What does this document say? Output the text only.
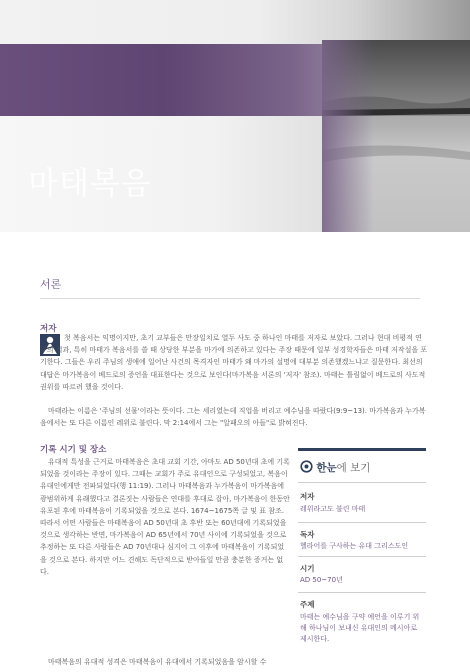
마태복음
서론
저자
첫 복음서는 익명이지만, 초기 교부들은 만장일치로 열두 사도 중 하나인 마태를 저자로 보았다. 그러나 현대 비평적 연구의 결과, 특히 마태가 복음서를 쓸 때 상당한 부분을 마가에 의존하고 있다는 주장 때문에 일부 성경학자들은 마태 저작설을 포기한다. 그들은 우리 주님의 생애에 일어난 사건의 목격자인 마태가 왜 마가의 설명에 대부분 의존했겠느냐고 질문한다. 최선의 대답은 마가복음이 베드로의 증언을 대표한다는 것으로 보인다(마가복음 서론의 '저자' 참조). 마태는 틀림없이 베드로의 사도적 권위를 따르려 했을 것이다.
마태라는 이름은 '주님의 선물'이라는 뜻이다. 그는 세리였는데 직업을 버리고 예수님을 따랐다(9:9~13). 마가복음과 누가복음에서는 또 다른 이름인 레위로 불린다. 막 2:14에서 그는 "알패오의 아들"로 밝혀진다.
기록 시기 및 장소
유대적 특성을 근거로 마태복음은 초대 교회 기간, 아마도 AD 50년대 초에 기록되었을 것이라는 주장이 있다. 그때는 교회가 주로 유대인으로 구성되었고, 복음이 유대인에게만 전파되었다(행 11:19). 그러나 마태복음과 누가복음이 마가복음에 광범위하게 유래했다고 결론짓는 사람들은 연대를 후대로 잡아, 마가복음이 한동안 유포된 후에 마태복음이 기록되었을 것으로 본다. 1674~1675쪽 글 및 표 참조. 따라서 어떤 사람들은 마태복음이 AD 50년대 초 후반 또는 60년대에 기록되었을 것으로 생각하는 반면, 마가복음이 AD 65년에서 70년 사이에 기록되었을 것으로 추정하는 또 다른 사람들은 AD 70년대나 심지어 그 이후에 마태복음이 기록되었을 것으로 본다. 하지만 어느 견해도 독단적으로 받아들일 만큼 충분한 증거는 없다.
마태복음의 유대적 성격은 마태복음이 유대에서 기록되었음을 암시할 수
한눈에 보기
저자
레위라고도 불린 마태
독자
헬라어를 구사하는 유대 그리스도인
시기
AD 50~70년
주제
마태는 예수님을 구약 예언을 이루기 위해 하나님이 보내신 유대인의 메시아로 제시한다.
